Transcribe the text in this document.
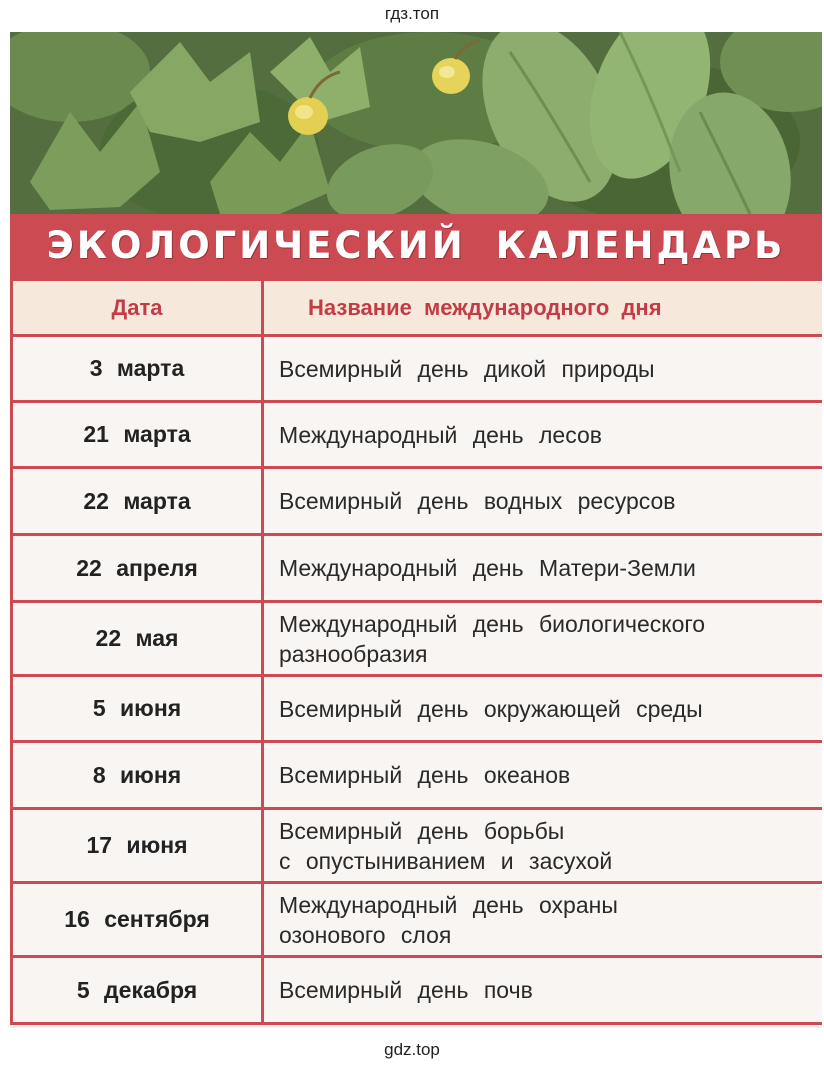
гдз.топ
ЭКОЛОГИЧЕСКИЙ КАЛЕНДАРЬ
Дата	Название международного дня
3 марта	Всемирный день дикой природы

21 марта	Международный день лесов

22 марта	Всемирный день водных ресурсов

22 апреля	Международный день Матери-Земли

22 мая	Международный день биологического
разнообразия

5 июня	Всемирный день окружающей среды

8 июня	Всемирный день океанов

17 июня	Всемирный день борьбы
с опустыниванием и засухой

16 сентября	Международный день охраны
озонового слоя

5 декабря	Всемирный день почв
gdz.top
